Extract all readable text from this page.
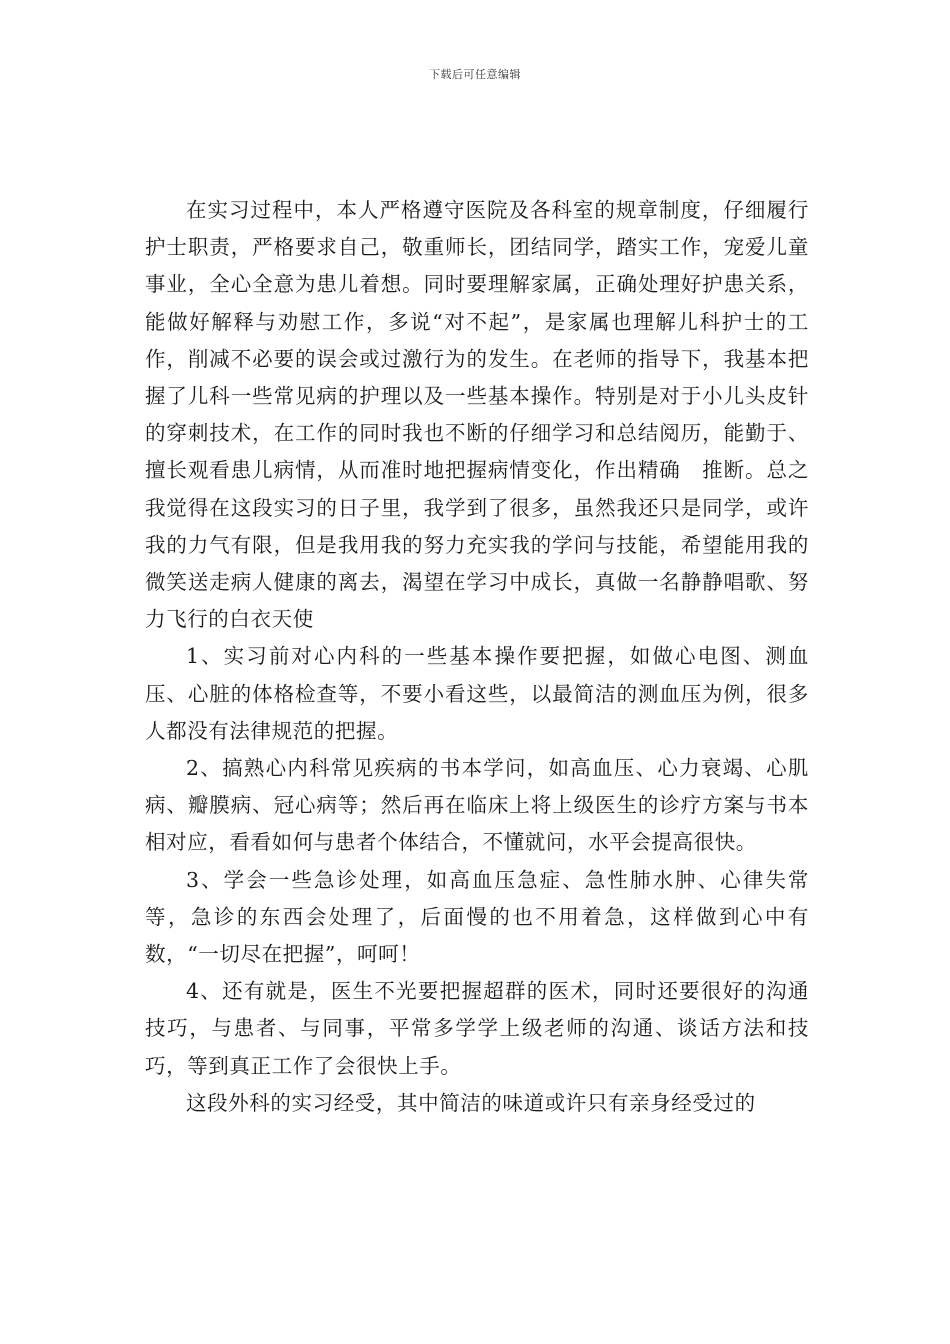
下载后可任意编辑

在实习过程中，本人严格遵守医院及各科室的规章制度，仔细履行护士职责，严格要求自己，敬重师长，团结同学，踏实工作，宠爱儿童事业，全心全意为患儿着想。同时要理解家属，正确处理好护患关系，能做好解释与劝慰工作，多说“对不起”，是家属也理解儿科护士的工作，削减不必要的误会或过激行为的发生。在老师的指导下，我基本把握了儿科一些常见病的护理以及一些基本操作。特别是对于小儿头皮针的穿刺技术，在工作的同时我也不断的仔细学习和总结阅历，能勤于、擅长观看患儿病情，从而准时地把握病情变化，作出精确　推断。总之我觉得在这段实习的日子里，我学到了很多，虽然我还只是同学，或许我的力气有限，但是我用我的努力充实我的学问与技能，希望能用我的微笑送走病人健康的离去，渴望在学习中成长，真做一名静静唱歌、努力飞行的白衣天使

1、实习前对心内科的一些基本操作要把握，如做心电图、测血压、心脏的体格检查等，不要小看这些，以最简洁的测血压为例，很多人都没有法律规范的把握。

2、搞熟心内科常见疾病的书本学问，如高血压、心力衰竭、心肌病、瓣膜病、冠心病等；然后再在临床上将上级医生的诊疗方案与书本相对应，看看如何与患者个体结合，不懂就问，水平会提高很快。

3、学会一些急诊处理，如高血压急症、急性肺水肿、心律失常等，急诊的东西会处理了，后面慢的也不用着急，这样做到心中有数，“一切尽在把握”，呵呵！

4、还有就是，医生不光要把握超群的医术，同时还要很好的沟通技巧，与患者、与同事，平常多学学上级老师的沟通、谈话方法和技巧，等到真正工作了会很快上手。

这段外科的实习经受，其中简洁的味道或许只有亲身经受过的
